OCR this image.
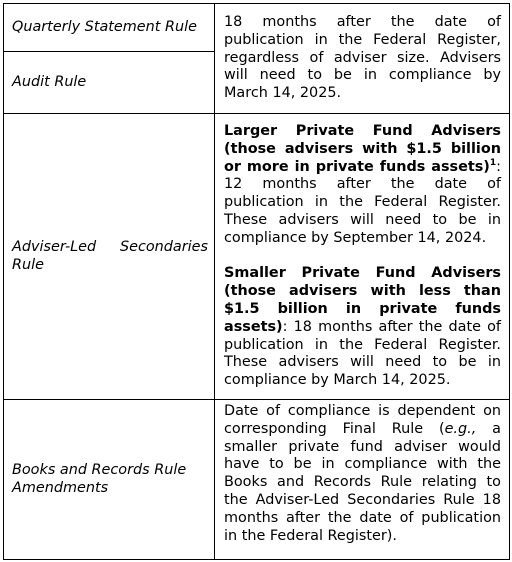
Quarterly Statement Rule	18 months after the date of publication in the Federal Register, regardless of adviser size. Advisers will need to be in compliance by March 14, 2025.
Audit Rule	
Adviser-Led Secondaries Rule	Larger Private Fund Advisers (those advisers with $1.5 billion or more in private funds assets)$^1$: 12 months after the date of publication in the Federal Register. These advisers will need to be in compliance by September 14, 2024.
Smaller Private Fund Advisers (those advisers with less than $1.5 billion in private funds assets): 18 months after the date of publication in the Federal Register. These advisers will need to be in compliance by March 14, 2025.

Books and Records Rule Amendments	Date of compliance is dependent on corresponding Final Rule (e.g., a smaller private fund adviser would have to be in compliance with the Books and Records Rule relating to the Adviser-Led Secondaries Rule 18 months after the date of publication in the Federal Register).
